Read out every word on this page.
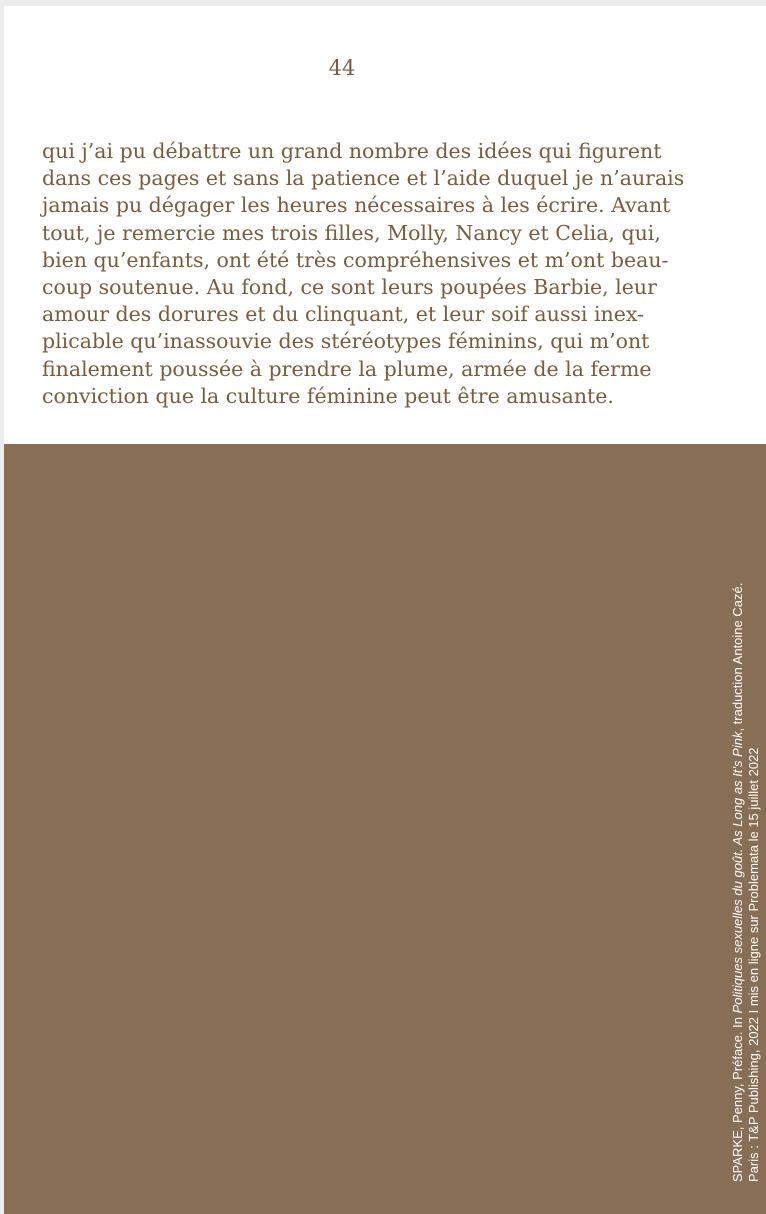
44
qui j’ai pu débattre un grand nombre des idées qui figurent
dans ces pages et sans la patience et l’aide duquel je n’aurais
jamais pu dégager les heures nécessaires à les écrire. Avant
tout, je remercie mes trois filles, Molly, Nancy et Celia, qui,
bien qu’enfants, ont été très compréhensives et m’ont beau-
coup soutenue. Au fond, ce sont leurs poupées Barbie, leur
amour des dorures et du clinquant, et leur soif aussi inex-
plicable qu’inassouvie des stéréotypes féminins, qui m’ont
finalement poussée à prendre la plume, armée de la ferme
conviction que la culture féminine peut être amusante.
SPARKE, Penny, Préface. In Politiques sexuelles du goût. As Long as It’s Pink, traduction Antoine Cazé.
Paris : T&P Publishing, 2022 I mis en ligne sur Problemata le 15 juillet 2022
